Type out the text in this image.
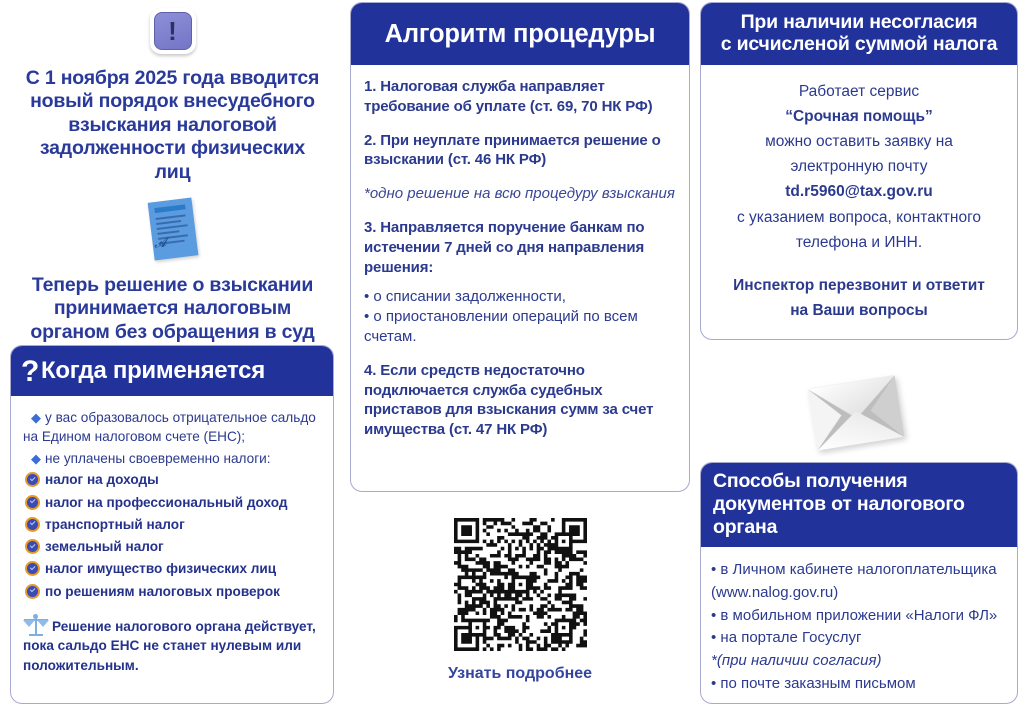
!
С 1 ноября 2025 года вводится новый порядок внесудебного взыскания налоговой задолженности физических лиц
𝓐
Теперь решение о взыскании принимается налоговым органом без обращения в суд
? Когда применяется
◆ у вас образовалось отрицательное сальдо на Едином налоговом счете (ЕНС);
◆ не уплачены своевременно налоги:
налог на доходы
налог на профессиональный доход
транспортный налог
земельный налог
налог имущество физических лиц
по решениям налоговых проверок
Решение налогового органа действует, пока сальдо ЕНС не станет нулевым или положительным.
Алгоритм процедуры
1. Налоговая служба направляет требование об уплате (ст. 69, 70 НК РФ)
2. При неуплате принимается решение о взыскании (ст. 46 НК РФ)
*одно решение на всю процедуру взыскания
3. Направляется поручение банкам по истечении 7 дней со дня направления решения:
• о списании задолженности,
• о приостановлении операций по всем счетам.
4. Если средств недостаточно подключается служба судебных приставов для взыскания сумм за счет имущества (ст. 47 НК РФ)
Узнать подробнее
При наличии несогласия
с исчисленой суммой налога
Работает сервис
“Срочная помощь”
можно оставить заявку на
электронную почту
td.r5960@tax.gov.ru
с указанием вопроса, контактного
телефона и ИНН.
Инспектор перезвонит и ответит
на Ваши вопросы
Способы получения документов от налогового органа
• в Личном кабинете налогоплательщика
(www.nalog.gov.ru)
• в мобильном приложении «Налоги ФЛ»
• на портале Госуслуг
*(при наличии согласия)
• по почте заказным письмом
